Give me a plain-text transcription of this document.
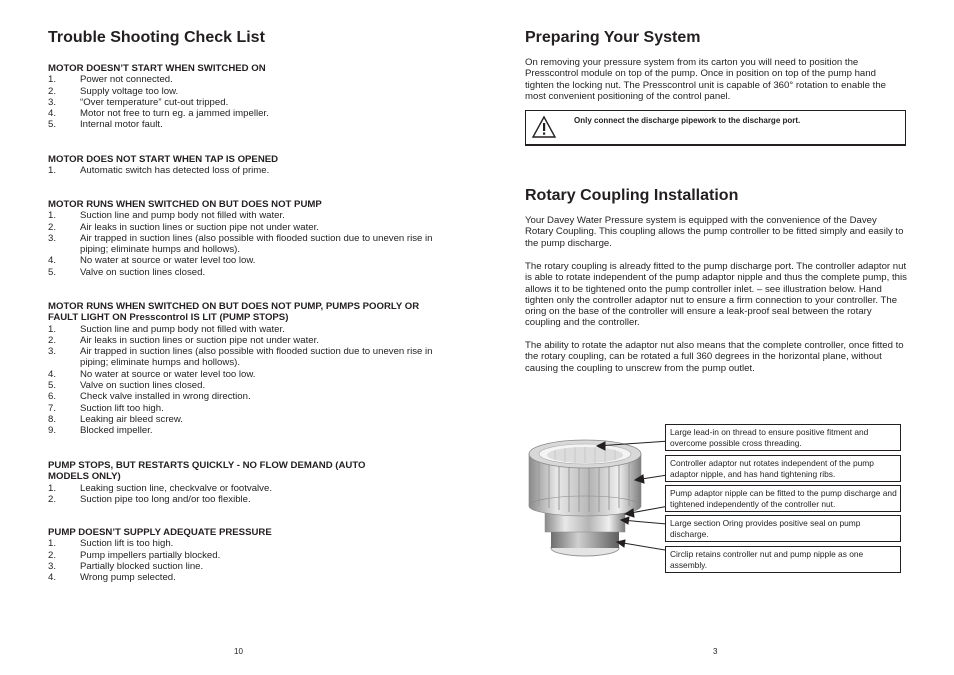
Trouble Shooting Check List

MOTOR DOESN’T START WHEN SWITCHED ON

1.	Power not connected.
2.	Supply voltage too low.
3.	“Over temperature” cut-out tripped.
4.	Motor not free to turn eg. a jammed impeller.
5.	Internal motor fault.

MOTOR DOES NOT START WHEN TAP IS OPENED

1.	Automatic switch has detected loss of prime.

MOTOR RUNS WHEN SWITCHED ON BUT DOES NOT PUMP

1.	Suction line and pump body not filled with water.
2.	Air leaks in suction lines or suction pipe not under water.
3.	Air trapped in suction lines (also possible with flooded suction due to uneven rise in piping; eliminate humps and hollows).
4.	No water at source or water level too low.
5.	Valve on suction lines closed.

MOTOR RUNS WHEN SWITCHED ON BUT DOES NOT PUMP, PUMPS POORLY OR FAULT LIGHT ON Presscontrol IS LIT (PUMP STOPS)

1.	Suction line and pump body not filled with water.
2.	Air leaks in suction lines or suction pipe not under water.
3.	Air trapped in suction lines (also possible with flooded suction due to uneven rise in piping; eliminate humps and hollows).
4.	No water at source or water level too low.
5.	Valve on suction lines closed.
6.	Check valve installed in wrong direction.
7.	Suction lift too high.
8.	Leaking air bleed screw.
9.	Blocked impeller.

PUMP STOPS, BUT RESTARTS QUICKLY - NO FLOW DEMAND (AUTO MODELS ONLY)

1.	Leaking suction line, checkvalve or footvalve.
2.	Suction pipe too long and/or too flexible.

PUMP DOESN’T SUPPLY ADEQUATE PRESSURE

1.	Suction lift is too high.
2.	Pump impellers partially blocked.
3.	Partially blocked suction line.
4.	Wrong pump selected.
10
Preparing Your System

On removing your pressure system from its carton you will need to position the Presscontrol module on top of the pump. Once in position on top of the pump hand tighten the locking nut. The Presscontrol unit is capable of 360° rotation to enable the most convenient positioning of the control panel.

Only connect the discharge pipework to the discharge port.
Rotary Coupling Installation

Your Davey Water Pressure system is equipped with the convenience of the Davey Rotary Coupling. This coupling allows the pump controller to be fitted simply and easily to the pump discharge.

The rotary coupling is already fitted to the pump discharge port. The controller adaptor nut is able to rotate independent of the pump adaptor nipple and thus the complete pump, this allows it to be tightened onto the pump controller inlet. – see illustration below. Hand tighten only the controller adaptor nut to ensure a firm connection to your controller. The oring on the base of the controller will ensure a leak-proof seal between the rotary coupling and the controller.

The ability to rotate the adaptor nut also means that the complete controller, once fitted to the rotary coupling, can be rotated a full 360 degrees in the horizontal plane, without causing the coupling to unscrew from the pump outlet.

Large lead-in on thread to ensure positive fitment and overcome possible cross threading.
Controller adaptor nut rotates independent of the pump adaptor nipple, and has hand tightening ribs.
Pump adaptor nipple can be fitted to the pump discharge and tightened independently of the controller nut.
Large section Oring provides positive seal on pump discharge.
Circlip retains controller nut and pump nipple as one assembly.
3
